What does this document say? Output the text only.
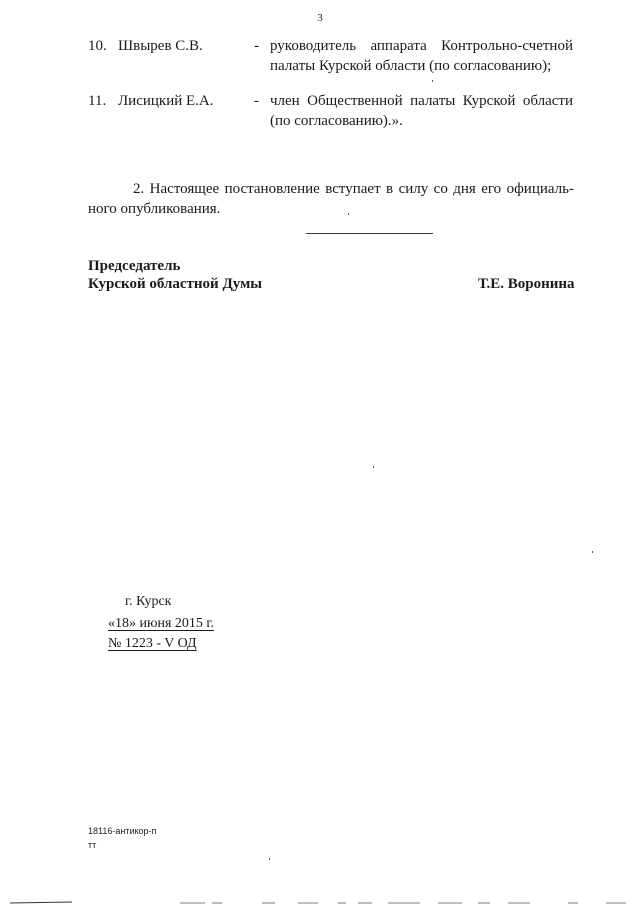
3
10. Швырев С.В.	- руководитель аппарата Контрольно-счетной
палаты Курской области (по согласованию);
11. Лисицкий Е.А.	- член Общественной палаты Курской области
(по согласованию).».
2. Настоящее постановление вступает в силу со дня его официаль-
ного опубликования.
Председатель
Курской областной Думы	Т.Е. Воронина
г. Курск
«18» июня 2015 г.
№ 1223 - V ОД
18116-антикор-п
тт
